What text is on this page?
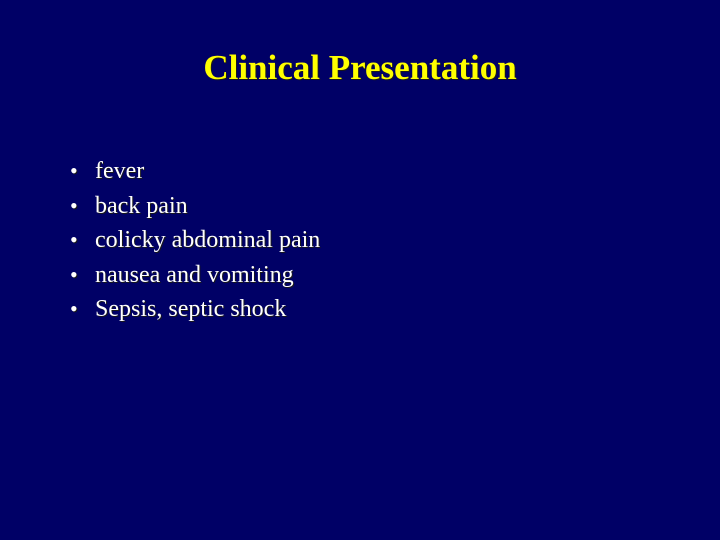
Clinical Presentation
• fever
• back pain
• colicky abdominal pain
• nausea and vomiting
• Sepsis, septic shock
